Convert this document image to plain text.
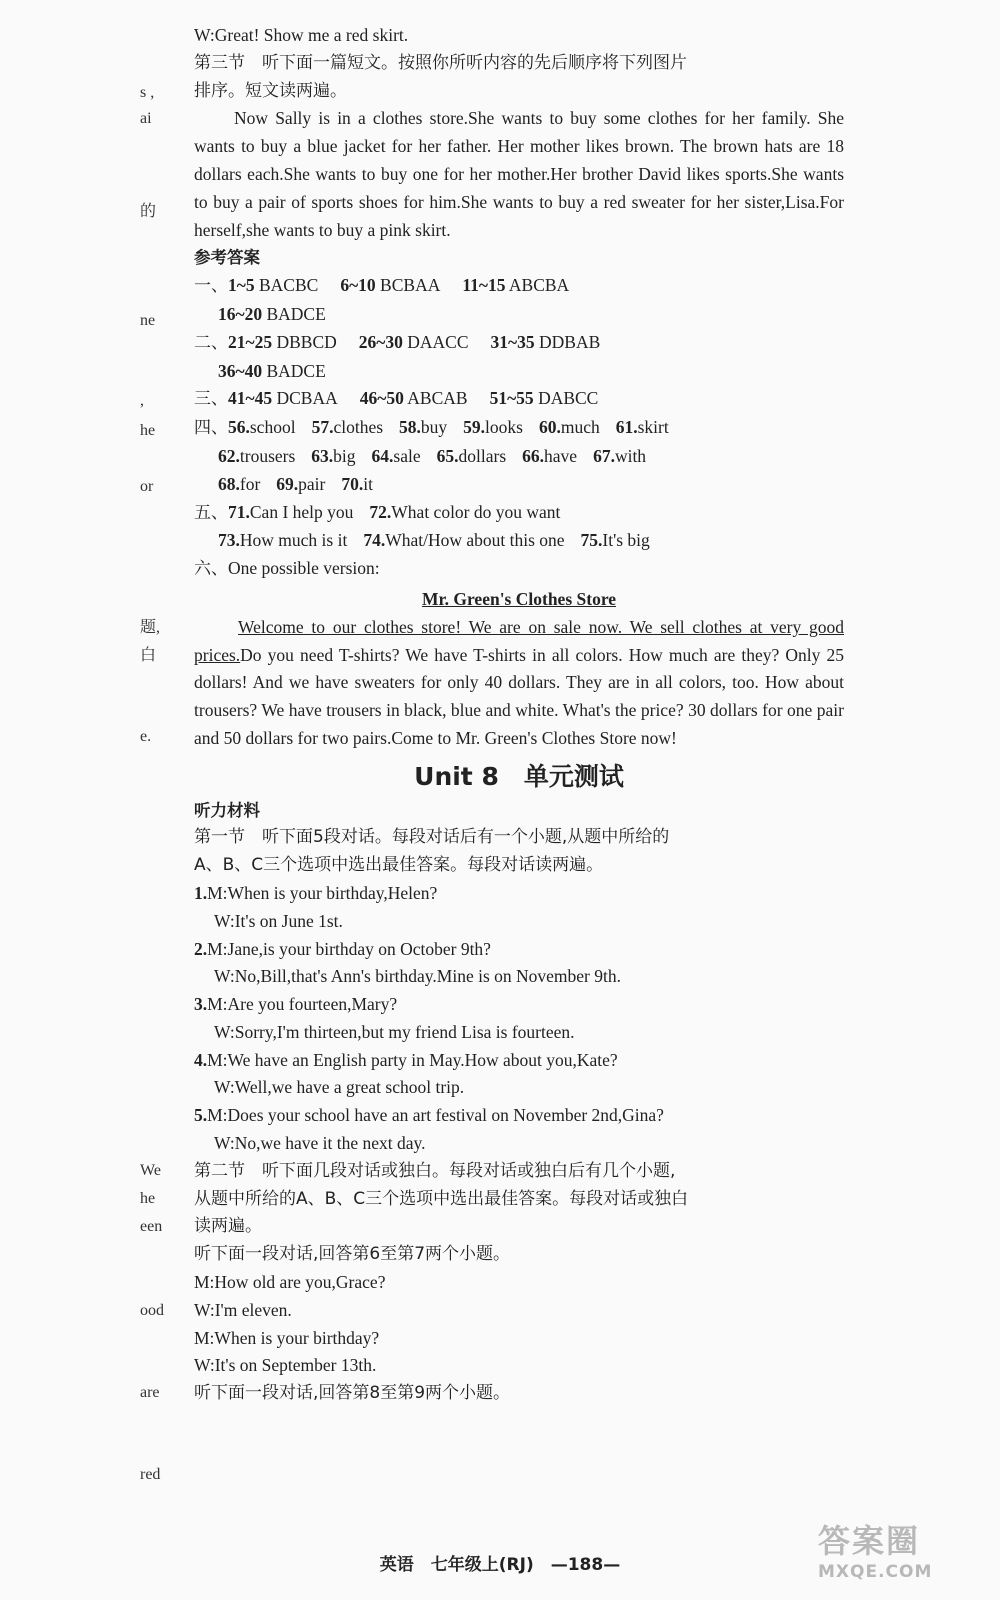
s ,
ai
的
ne
,
he
or
题,
白
e.
We
he
een
ood
are
red
W:Great! Show me a red skirt.
第三节　听下面一篇短文。按照你所听内容的先后顺序将下列图片
排序。短文读两遍。
Now Sally is in a clothes store.She wants to buy some clothes for her family. She wants to buy a blue jacket for her father. Her mother likes brown. The brown hats are 18 dollars each.She wants to buy one for her mother.Her brother David likes sports.She wants to buy a pair of sports shoes for him.She wants to buy a red sweater for her sister,Lisa.For herself,she wants to buy a pink skirt.
参考答案
一、1~5 BACBC 6~10 BCBAA 11~15 ABCBA
16~20 BADCE
二、21~25 DBBCD 26~30 DAACC 31~35 DDBAB
36~40 BADCE
三、41~45 DCBAA 46~50 ABCAB 51~55 DABCC
四、56.school 57.clothes 58.buy 59.looks 60.much 61.skirt
62.trousers 63.big 64.sale 65.dollars 66.have 67.with
68.for 69.pair 70.it
五、71.Can I help you 72.What color do you want
73.How much is it 74.What/How about this one 75.It's big
六、One possible version:
Mr. Green's Clothes Store
Welcome to our clothes store! We are on sale now. We sell clothes at very good prices.Do you need T-shirts? We have T-shirts in all colors. How much are they? Only 25 dollars! And we have sweaters for only 40 dollars. They are in all colors, too. How about trousers? We have trousers in black, blue and white. What's the price? 30 dollars for one pair and 50 dollars for two pairs.Come to Mr. Green's Clothes Store now!
Unit 8　单元测试
听力材料
第一节　听下面5段对话。每段对话后有一个小题,从题中所给的
A、B、C三个选项中选出最佳答案。每段对话读两遍。
1.M:When is your birthday,Helen?
W:It's on June 1st.
2.M:Jane,is your birthday on October 9th?
W:No,Bill,that's Ann's birthday.Mine is on November 9th.
3.M:Are you fourteen,Mary?
W:Sorry,I'm thirteen,but my friend Lisa is fourteen.
4.M:We have an English party in May.How about you,Kate?
W:Well,we have a great school trip.
5.M:Does your school have an art festival on November 2nd,Gina?
W:No,we have it the next day.
第二节　听下面几段对话或独白。每段对话或独白后有几个小题,
从题中所给的A、B、C三个选项中选出最佳答案。每段对话或独白
读两遍。
听下面一段对话,回答第6至第7两个小题。
M:How old are you,Grace?
W:I'm eleven.
M:When is your birthday?
W:It's on September 13th.
听下面一段对话,回答第8至第9两个小题。
英语　七年级上(RJ)　—188—
答案圈
MXQE.COM
